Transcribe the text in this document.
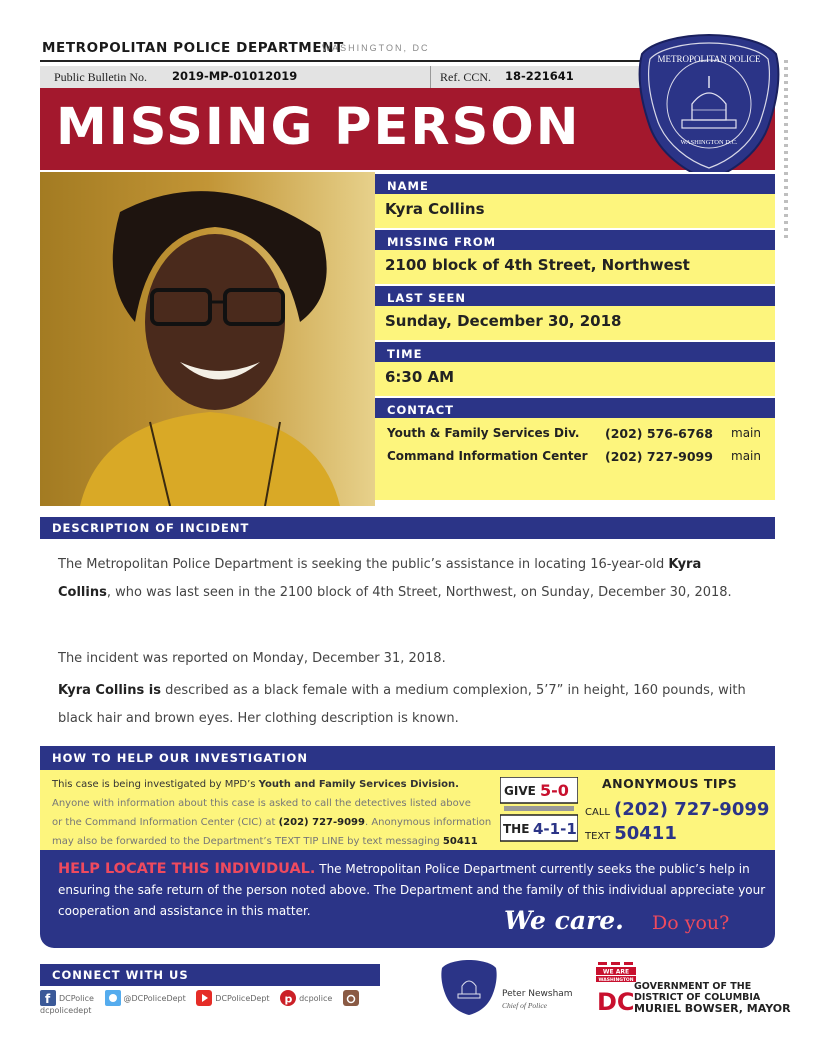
METROPOLITAN POLICE DEPARTMENT
WASHINGTON, DC
Public Bulletin No. 2019-MP-01012019	Ref. CCN. 18-221641
MISSING PERSON
METROPOLITAN POLICE
WASHINGTON D.C.
NAME
Kyra Collins
MISSING FROM
2100 block of 4th Street, Northwest
LAST SEEN
Sunday, December 30, 2018
TIME
6:30 AM
CONTACT
Youth & Family Services Div. (202) 576-6768 main
Command Information Center (202) 727-9099 main
DESCRIPTION OF INCIDENT
The Metropolitan Police Department is seeking the public’s assistance in locating 16-year-old Kyra Collins, who was last seen in the 2100 block of 4th Street, Northwest, on Sunday, December 30, 2018.
The incident was reported on Monday, December 31, 2018.
Kyra Collins is described as a black female with a medium complexion, 5’7” in height, 160 pounds, with black hair and brown eyes. Her clothing description is known.
HOW TO HELP OUR INVESTIGATION
This case is being investigated by MPD’s Youth and Family Services Division.
Anyone with information about this case is asked to call the detectives listed above
or the Command Information Center (CIC) at (202) 727-9099. Anonymous information
may also be forwarded to the Department’s TEXT TIP LINE by text messaging 50411
GIVE 5-0
THE 4-1-1
ANONYMOUS TIPS
CALL (202) 727-9099
TEXT 50411
HELP LOCATE THIS INDIVIDUAL. The Metropolitan Police Department currently seeks the public’s help in ensuring the safe return of the person noted above. The Department and the family of this individual appreciate your cooperation and assistance in this matter.	We care. Do you?
CONNECT WITH US
f DCPolice	@DCPoliceDept	DCPoliceDept p dcpolice dcpolicedept
Peter Newsham
Chief of Police
WE ARE
WASHINGTON
DC
GOVERNMENT OF THE
DISTRICT OF COLUMBIA
MURIEL BOWSER, MAYOR
